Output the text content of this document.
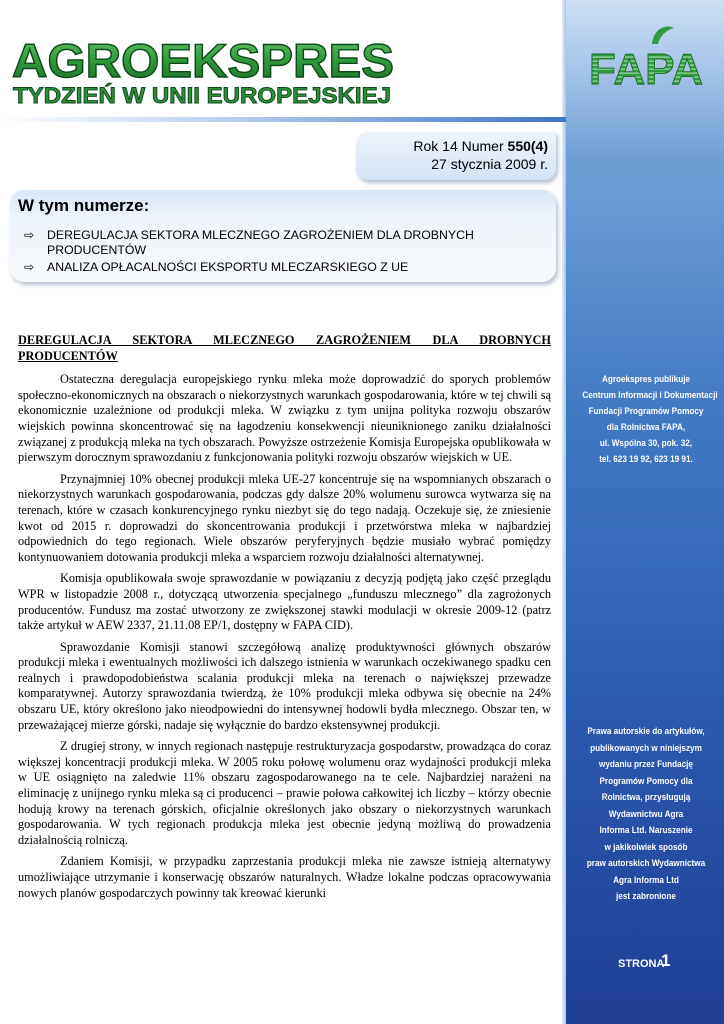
FAPA
Agroekspres publikuje
Centrum Informacji i Dokumentacji
Fundacji Programów Pomocy
dla Rolnictwa FAPA,
ul. Wspólna 30, pok. 32,
tel. 623 19 92, 623 19 91.
Prawa autorskie do artykułów,
publikowanych w niniejszym
wydaniu przez Fundację
Programów Pomocy dla
Rolnictwa, przysługują
Wydawnictwu Agra
Informa Ltd. Naruszenie
w jakikolwiek sposób
praw autorskich Wydawnictwa
Agra Informa Ltd
jest zabronione
STRONA
1
AGROEKSPRES
TYDZIEŃ W UNII EUROPEJSKIEJ
Rok 14 Numer 550(4)
27 stycznia 2009 r.
W tym numerze:
⇨ DEREGULACJA SEKTORA MLECZNEGO ZAGROŻENIEM DLA DROBNYCH PRODUCENTÓW
⇨ ANALIZA OPŁACALNOŚCI EKSPORTU MLECZARSKIEGO Z UE
DEREGULACJA SEKTORA MLECZNEGO ZAGROŻENIEM DLA DROBNYCH PRODUCENTÓW

Ostateczna deregulacja europejskiego rynku mleka może doprowadzić do sporych problemów społeczno-ekonomicznych na obszarach o niekorzystnych warunkach gospodarowania, które w tej chwili są ekonomicznie uzależnione od produkcji mleka. W związku z tym unijna polityka rozwoju obszarów wiejskich powinna skoncentrować się na łagodzeniu konsekwencji nieuniknionego zaniku działalności związanej z produkcją mleka na tych obszarach. Powyższe ostrzeżenie Komisja Europejska opublikowała w pierwszym dorocznym sprawozdaniu z funkcjonowania polityki rozwoju obszarów wiejskich w UE.

Przynajmniej 10% obecnej produkcji mleka UE-27 koncentruje się na wspomnianych obszarach o niekorzystnych warunkach gospodarowania, podczas gdy dalsze 20% wolumenu surowca wytwarza się na terenach, które w czasach konkurencyjnego rynku niezbyt się do tego nadają. Oczekuje się, że zniesienie kwot od 2015 r. doprowadzi do skoncentrowania produkcji i przetwórstwa mleka w najbardziej odpowiednich do tego regionach. Wiele obszarów peryferyjnych będzie musiało wybrać pomiędzy kontynuowaniem dotowania produkcji mleka a wsparciem rozwoju działalności alternatywnej.

Komisja opublikowała swoje sprawozdanie w powiązaniu z decyzją podjętą jako część przeglądu WPR w listopadzie 2008 r., dotyczącą utworzenia specjalnego „funduszu mlecznego” dla zagrożonych producentów. Fundusz ma zostać utworzony ze zwiększonej stawki modulacji w okresie 2009-12 (patrz także artykuł w AEW 2337, 21.11.08 EP/1, dostępny w FAPA CID).

Sprawozdanie Komisji stanowi szczegółową analizę produktywności głównych obszarów produkcji mleka i ewentualnych możliwości ich dalszego istnienia w warunkach oczekiwanego spadku cen realnych i prawdopodobieństwa scalania produkcji mleka na terenach o największej przewadze komparatywnej. Autorzy sprawozdania twierdzą, że 10% produkcji mleka odbywa się obecnie na 24% obszaru UE, który określono jako nieodpowiedni do intensywnej hodowli bydła mlecznego. Obszar ten, w przeważającej mierze górski, nadaje się wyłącznie do bardzo ekstensywnej produkcji.

Z drugiej strony, w innych regionach następuje restrukturyzacja gospodarstw, prowadząca do coraz większej koncentracji produkcji mleka. W 2005 roku połowę wolumenu oraz wydajności produkcji mleka w UE osiągnięto na zaledwie 11% obszaru zagospodarowanego na te cele. Najbardziej narażeni na eliminację z unijnego rynku mleka są ci producenci – prawie połowa całkowitej ich liczby – którzy obecnie hodują krowy na terenach górskich, oficjalnie określonych jako obszary o niekorzystnych warunkach gospodarowania. W tych regionach produkcja mleka jest obecnie jedyną możliwą do prowadzenia działalnością rolniczą.

Zdaniem Komisji, w przypadku zaprzestania produkcji mleka nie zawsze istnieją alternatywy umożliwiające utrzymanie i konserwację obszarów naturalnych. Władze lokalne podczas opracowywania nowych planów gospodarczych powinny tak kreować kierunki
